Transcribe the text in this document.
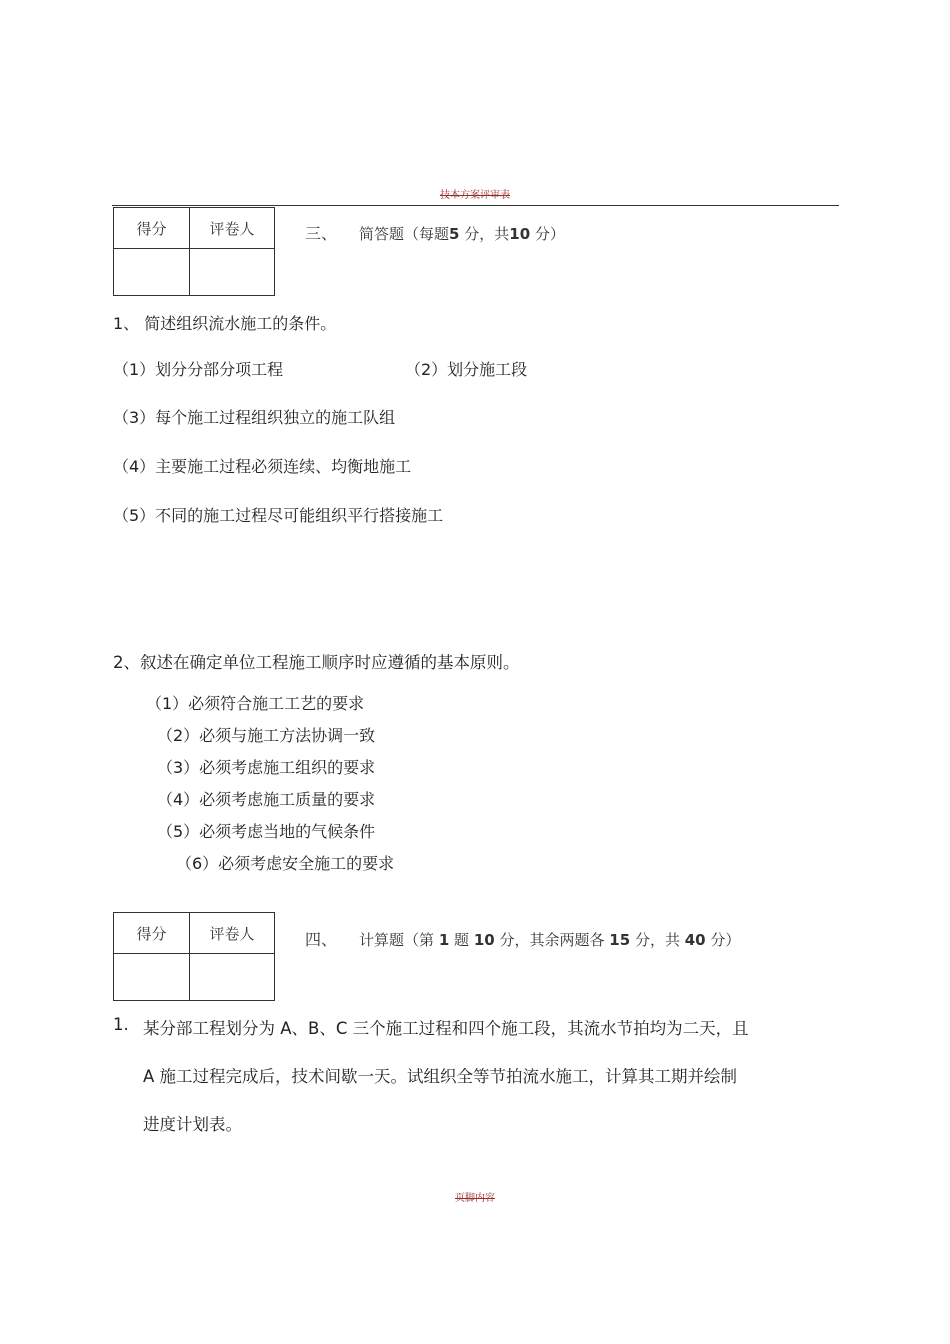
技本方案评审表
得分	评卷人
		三、 简答题（每题5 分，共10 分）
1、 简述组织流水施工的条件。
（1）划分分部分项工程	（2）划分施工段
（3）每个施工过程组织独立的施工队组
（4）主要施工过程必须连续、均衡地施工
（5）不同的施工过程尽可能组织平行搭接施工
2、叙述在确定单位工程施工顺序时应遵循的基本原则。
（1）必须符合施工工艺的要求
（2）必须与施工方法协调一致
（3）必须考虑施工组织的要求
（4）必须考虑施工质量的要求
（5）必须考虑当地的气候条件
（6）必须考虑安全施工的要求
得分	评卷人
		四、 计算题（第 1 题 10 分，其余两题各 15 分，共 40 分）
1. 某分部工程划分为 A、B、C 三个施工过程和四个施工段，其流水节拍均为二天，且
A 施工过程完成后，技术间歇一天。试组织全等节拍流水施工，计算其工期并绘制
进度计划表。
页脚内容
